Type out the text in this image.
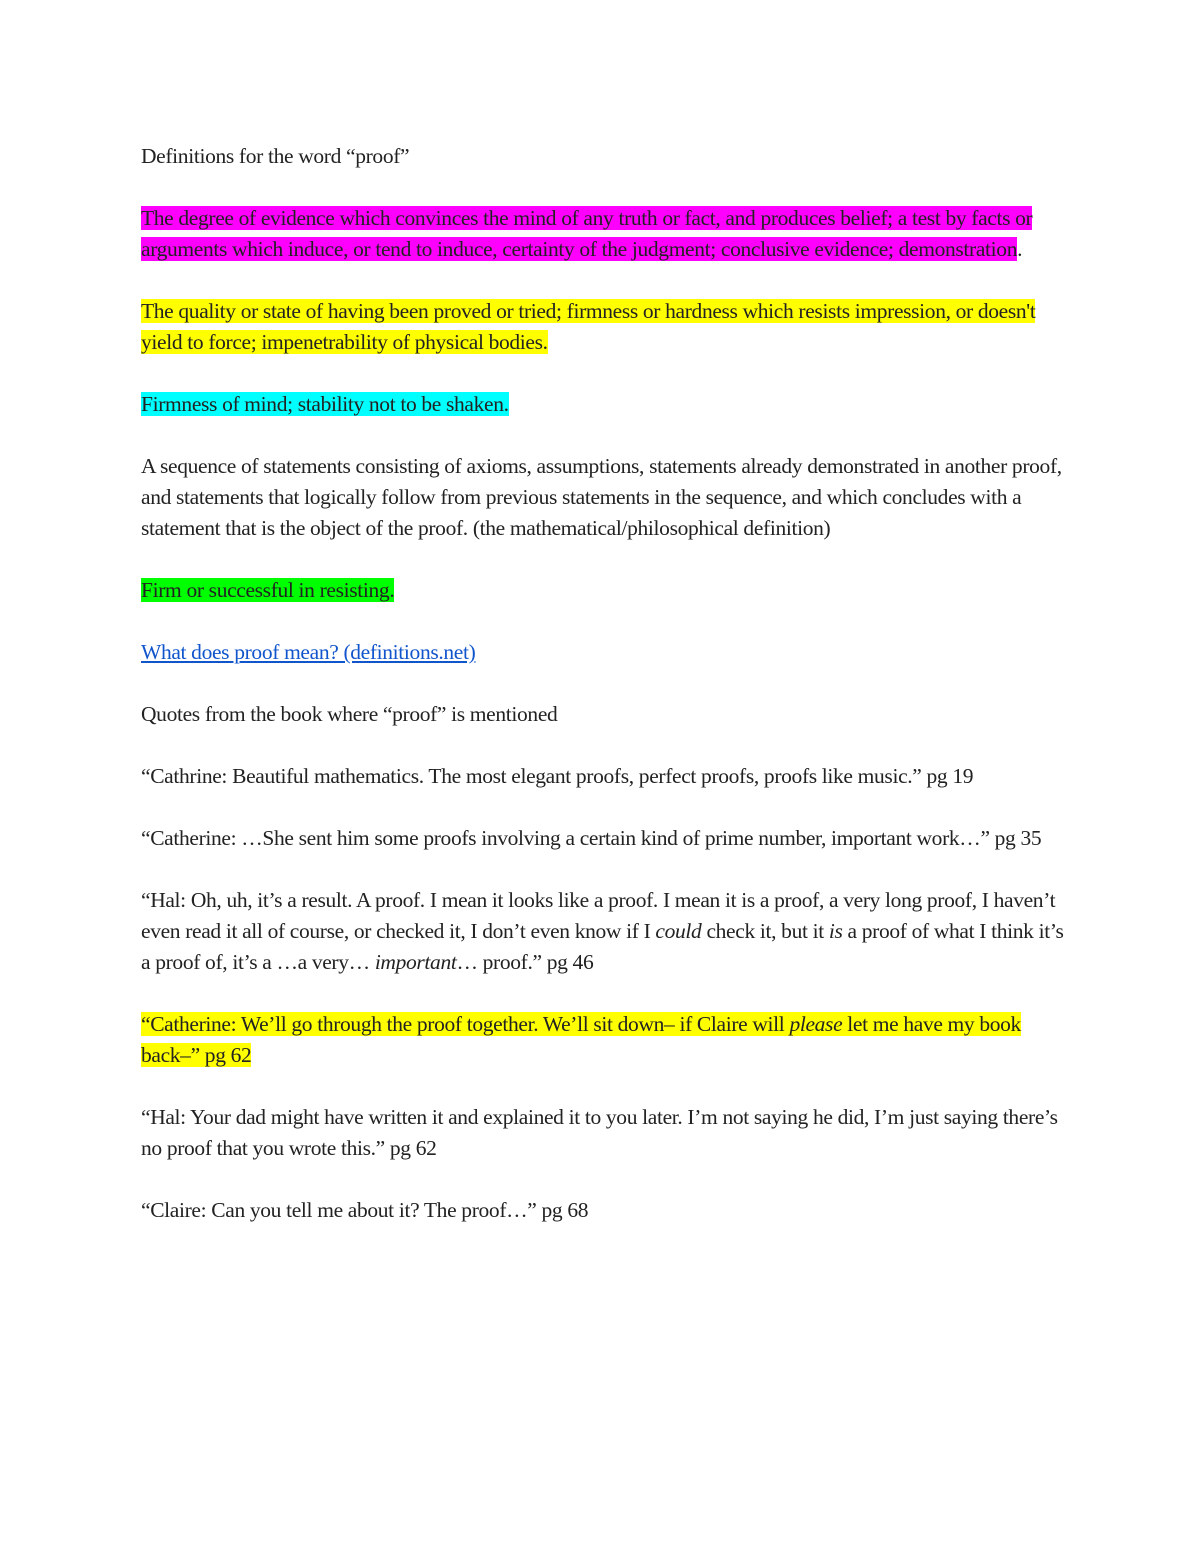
Definitions for the word “proof”

The degree of evidence which convinces the mind of any truth or fact, and produces belief; a test by facts or arguments which induce, or tend to induce, certainty of the judgment; conclusive evidence; demonstration.

The quality or state of having been proved or tried; firmness or hardness which resists impression, or doesn't yield to force; impenetrability of physical bodies.

Firmness of mind; stability not to be shaken.

A sequence of statements consisting of axioms, assumptions, statements already demonstrated in another proof, and statements that logically follow from previous statements in the sequence, and which concludes with a statement that is the object of the proof. (the mathematical/philosophical definition)

Firm or successful in resisting.

What does proof mean? (definitions.net)

Quotes from the book where “proof” is mentioned

“Cathrine: Beautiful mathematics. The most elegant proofs, perfect proofs, proofs like music.” pg 19

“Catherine: …She sent him some proofs involving a certain kind of prime number, important work…” pg 35

“Hal: Oh, uh, it’s a result. A proof. I mean it looks like a proof. I mean it is a proof, a very long proof, I haven’t even read it all of course, or checked it, I don’t even know if I could check it, but it is a proof of what I think it’s a proof of, it’s a …a very… important… proof.” pg 46

“Catherine: We’ll go through the proof together. We’ll sit down– if Claire will please let me have my book back–” pg 62

“Hal: Your dad might have written it and explained it to you later. I’m not saying he did, I’m just saying there’s no proof that you wrote this.” pg 62

“Claire: Can you tell me about it? The proof…” pg 68
